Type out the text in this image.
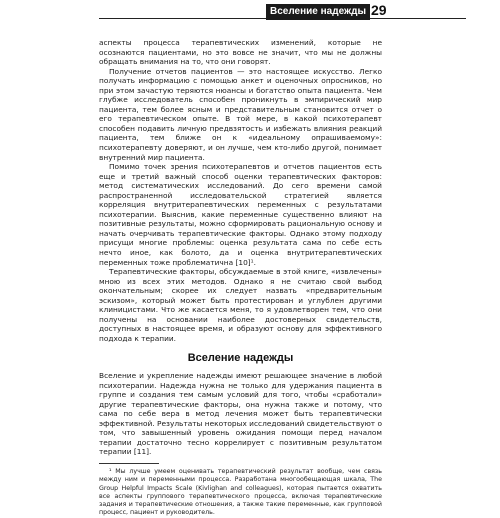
Вселение надежды 29

аспекты процесса терапевтических изменений, которые не осознаются пациентами, но это вовсе не значит, что мы не должны обращать внимания на то, что они говорят.

Получение отчетов пациентов — это настоящее искусство. Легко получать информацию с помощью анкет и оценочных опросников, но при этом зачастую теряются нюансы и богатство опыта пациента. Чем глубже исследователь способен проникнуть в эмпирический мир пациента, тем более ясным и представительным становится отчет о его терапевтическом опыте. В той мере, в какой психотерапевт способен подавить личную предвзятость и избежать влияния реакций пациента, тем ближе он к «идеальному опрашиваемому»: психотерапевту доверяют, и он лучше, чем кто-либо другой, понимает внутренний мир пациента.

Помимо точек зрения психотерапевтов и отчетов пациентов есть еще и третий важный способ оценки терапевтических факторов: метод систематических исследований. До сего времени самой распространенной исследовательской стратегией является корреляция внутритерапевтических переменных с результатами психотерапии. Выяснив, какие переменные существенно влияют на позитивные результаты, можно сформировать рациональную основу и начать очерчивать терапевтические факторы. Однако этому подходу присущи многие проблемы: оценка результата сама по себе есть нечто иное, как болото, да и оценка внутритерапевтических переменных тоже проблематична [10]¹.

Терапевтические факторы, обсуждаемые в этой книге, «извлечены» мною из всех этих методов. Однако я не считаю свой выбод окончательным; скорее их следует назвать «предварительным эскизом», который может быть протестирован и углублен другими клиницистами. Что же касается меня, то я удовлетворен тем, что они получены на основании наиболее достоверных свидетельств, доступных в настоящее время, и образуют основу для эффективного подхода к терапии.

Вселение надежды

Вселение и укрепление надежды имеют решающее значение в любой психотерапии. Надежда нужна не только для удержания пациента в группе и создания тем самым условий для того, чтобы «сработали» другие терапевтические факторы, она нужна также и потому, что сама по себе вера в метод лечения может быть терапевтически эффективной. Результаты некоторых исследований свидетельствуют о том, что завышенный уровень ожидания помощи перед началом терапии достаточно тесно коррелирует с позитивным результатом терапии [11].

¹ Мы лучше умеем оценивать терапевтический результат вообще, чем связь между ним и переменными процесса. Разработана многообещающая шкала, The Group Helpful Impacts Scale (Kivlighan and colleagues), которая пытается охватить все аспекты группового терапевтического процесса, включая терапевтические задания и терапевтические отношения, а также такие переменные, как групповой процесс, пациент и руководитель.
